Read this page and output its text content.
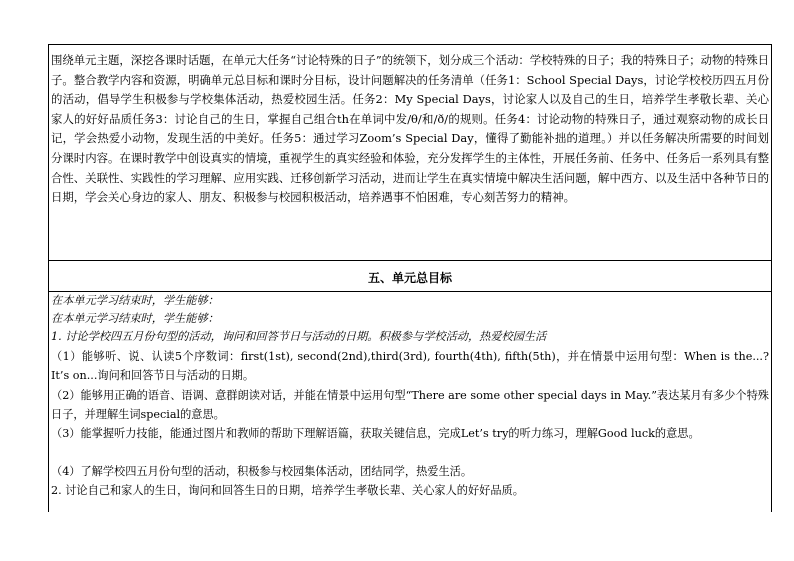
围绕单元主题，深挖各课时话题，在单元大任务“讨论特殊的日子”的统领下，划分成三个活动：学校特殊的日子；我的特殊日子；动物的特殊日子。整合教学内容和资源，明确单元总目标和课时分目标，设计问题解决的任务清单（任务1：School Special Days，讨论学校校历四五月份的活动，倡导学生积极参与学校集体活动，热爱校园生活。任务2：My Special Days，讨论家人以及自己的生日，培养学生孝敬长辈、关心家人的好好品质任务3：讨论自己的生日，掌握自己组合th在单词中发/θ/和/ð/的规则。任务4：讨论动物的特殊日子，通过观察动物的成长日记，学会热爱小动物，发现生活的中美好。任务5：通过学习Zoom’s Special Day，懂得了勤能补拙的道理。）并以任务解决所需要的时间划分课时内容。在课时教学中创设真实的情境，重视学生的真实经验和体验，充分发挥学生的主体性，开展任务前、任务中、任务后一系列具有整合性、关联性、实践性的学习理解、应用实践、迁移创新学习活动，进而让学生在真实情境中解决生活问题，解中西方、以及生活中各种节日的日期，学会关心身边的家人、朋友、积极参与校园积极活动，培养遇事不怕困难，专心刻苦努力的精神。
五、单元总目标

在本单元学习结束时，学生能够：

在本单元学习结束时，学生能够：

1. 讨论学校四五月份句型的活动，询问和回答节日与活动的日期。积极参与学校活动，热爱校园生活

（1）能够听、说、认读5个序数词：first(1st), second(2nd),third(3rd), fourth(4th), fifth(5th)，并在情景中运用句型：When is the...? It’s on...询问和回答节日与活动的日期。

（2）能够用正确的语音、语调、意群朗读对话，并能在情景中运用句型“There are some other special days in May.”表达某月有多少个特殊日子，并理解生词special的意思。

（3）能掌握听力技能，能通过图片和教师的帮助下理解语篇，获取关键信息，完成Let’s try的听力练习，理解Good luck的意思。

（4）了解学校四五月份句型的活动，积极参与校园集体活动，团结同学，热爱生活。

2. 讨论自己和家人的生日，询问和回答生日的日期，培养学生孝敬长辈、关心家人的好好品质。
